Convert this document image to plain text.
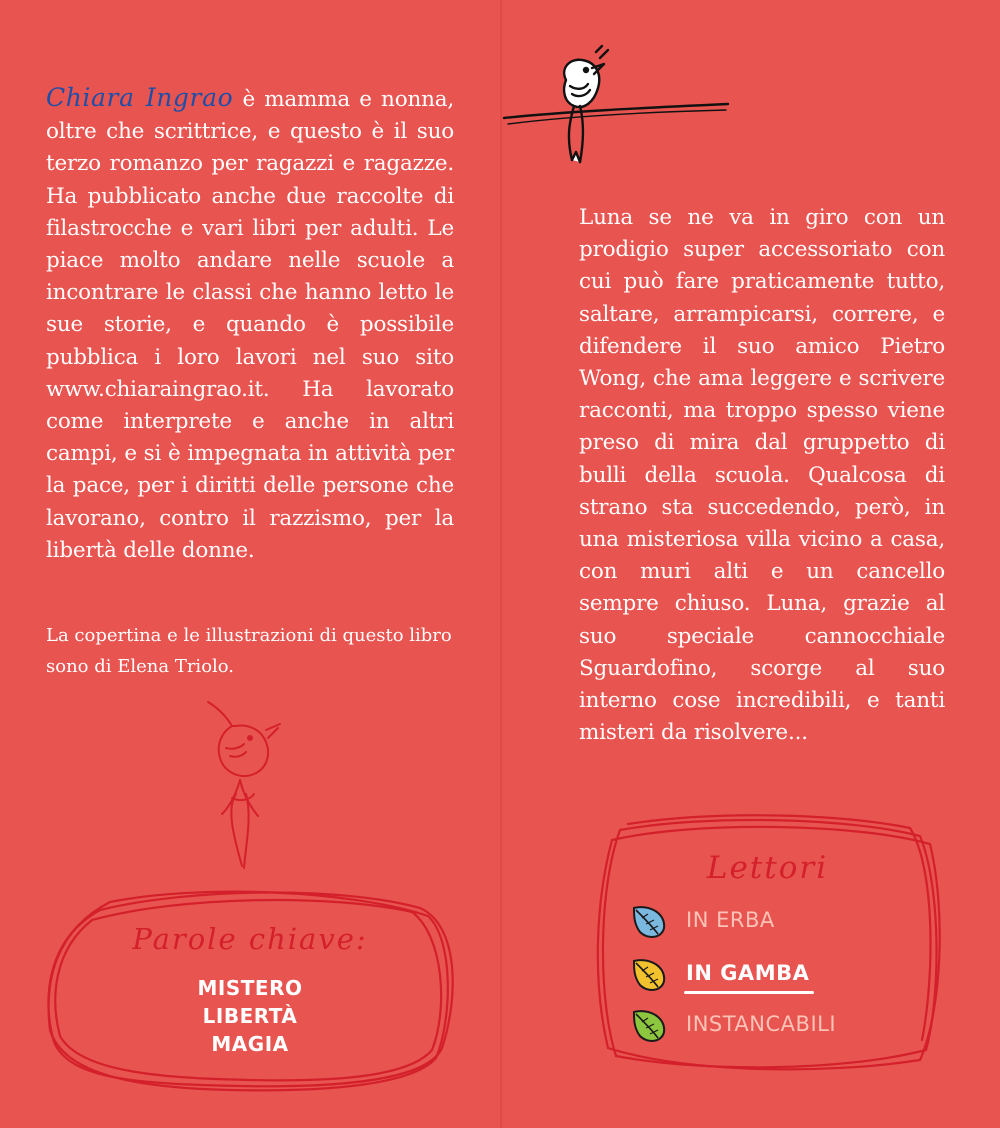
Chiara Ingrao è mamma e nonna, oltre che scrittrice, e questo è il suo terzo romanzo per ragazzi e ragazze. Ha pubblicato anche due raccolte di filastrocche e vari libri per adulti. Le piace molto andare nelle scuole a incontrare le classi che hanno letto le sue storie, e quando è possibile pubblica i loro lavori nel suo sito www.chiaraingrao.it. Ha lavorato come interprete e anche in altri campi, e si è impegnata in attività per la pace, per i diritti delle persone che lavorano, contro il razzismo, per la libertà delle donne.

La copertina e le illustrazioni di questo libro sono di Elena Triolo.

Parole chiave:
MISTERO
LIBERTÀ
MAGIA

Luna se ne va in giro con un prodigio super accessoriato con cui può fare praticamente tutto, saltare, arrampicarsi, correre, e difendere il suo amico Pietro Wong, che ama leggere e scrivere racconti, ma troppo spesso viene preso di mira dal gruppetto di bulli della scuola. Qualcosa di strano sta succedendo, però, in una misteriosa villa vicino a casa, con muri alti e un cancello sempre chiuso. Luna, grazie al suo speciale cannocchiale Sguardofino, scorge al suo interno cose incredibili, e tanti misteri da risolvere...

Lettori
IN ERBA
IN GAMBA
INSTANCABILI
